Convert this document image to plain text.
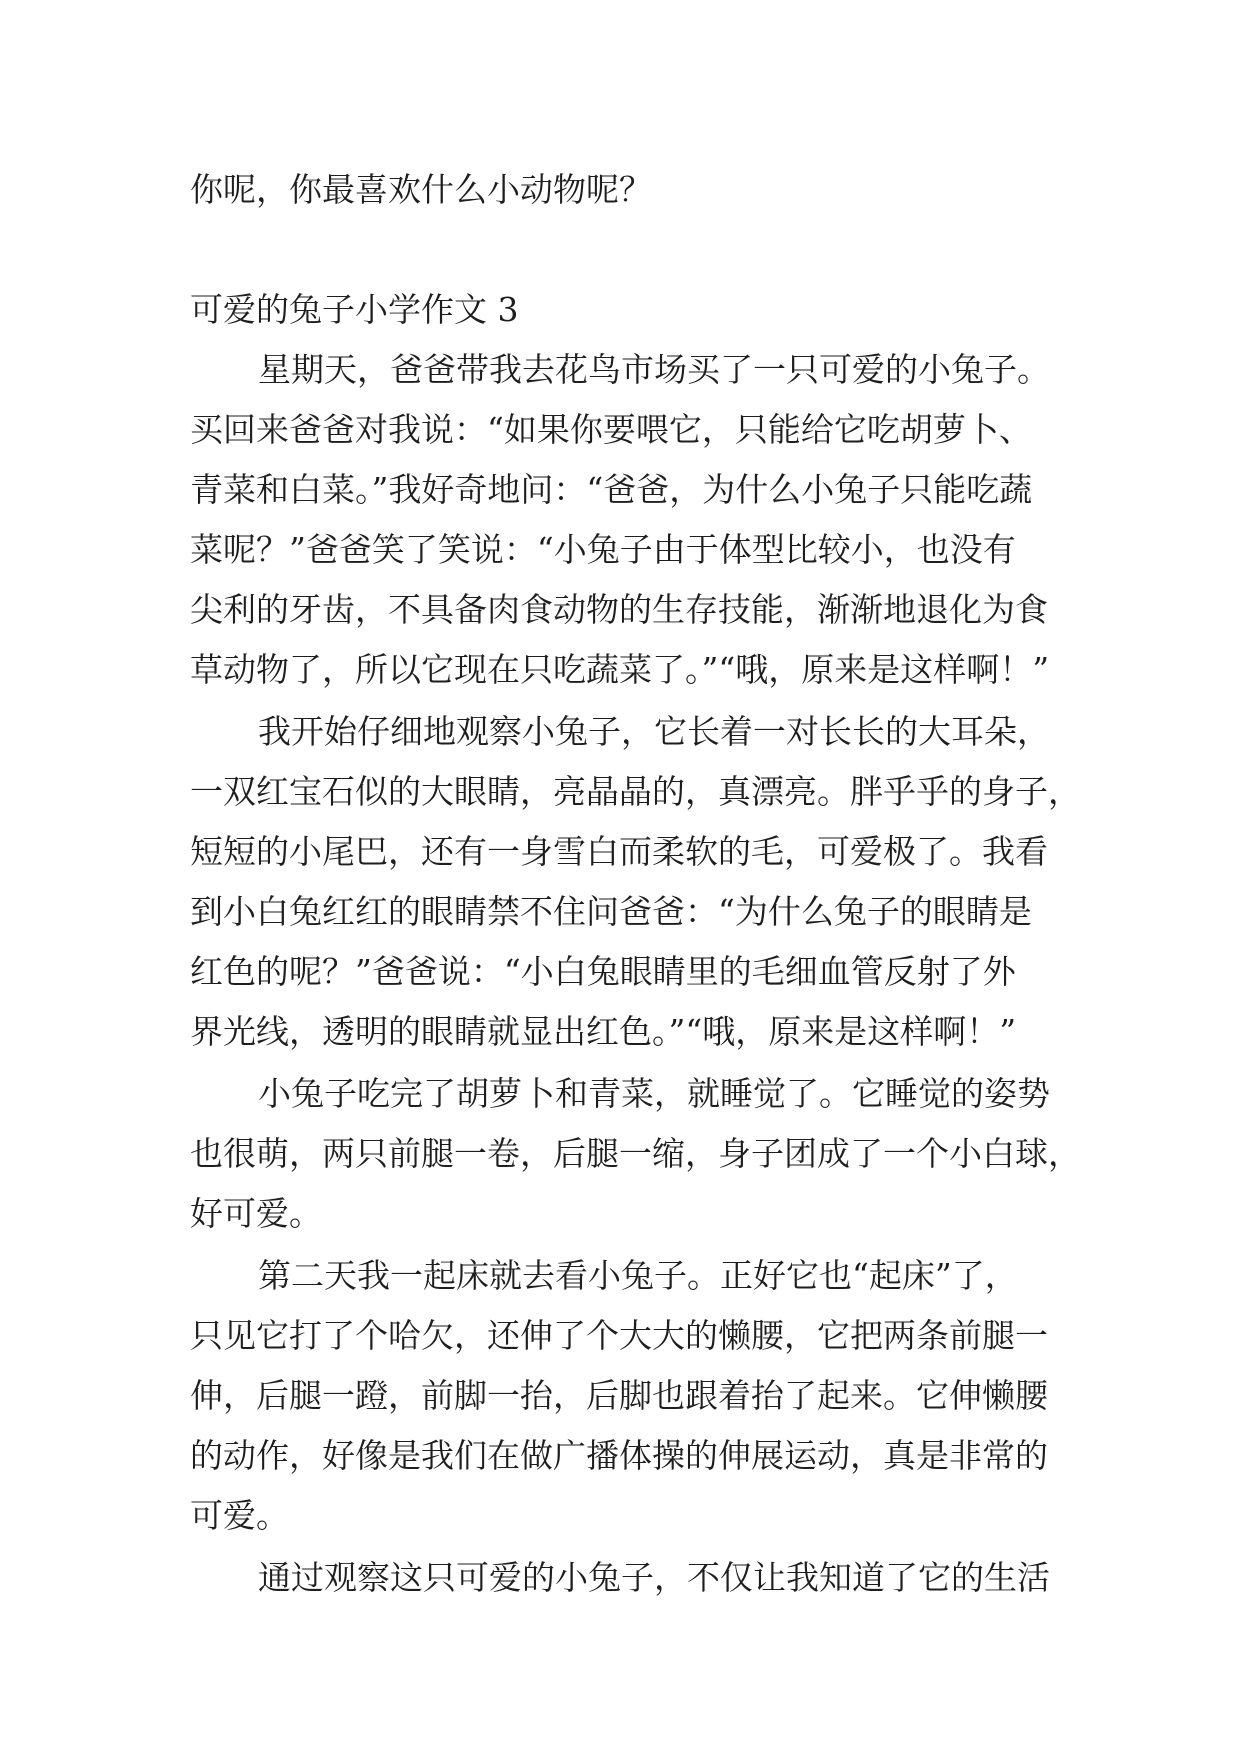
你呢，你最喜欢什么小动物呢？
可爱的兔子小学作文 3
星期天，爸爸带我去花鸟市场买了一只可爱的小兔子。
买回来爸爸对我说：“如果你要喂它，只能给它吃胡萝卜、
青菜和白菜。”我好奇地问：“爸爸，为什么小兔子只能吃蔬
菜呢？”爸爸笑了笑说：“小兔子由于体型比较小，也没有
尖利的牙齿，不具备肉食动物的生存技能，渐渐地退化为食
草动物了，所以它现在只吃蔬菜了。”“哦，原来是这样啊！”
我开始仔细地观察小兔子，它长着一对长长的大耳朵，
一双红宝石似的大眼睛，亮晶晶的，真漂亮。胖乎乎的身子，
短短的小尾巴，还有一身雪白而柔软的毛，可爱极了。我看
到小白兔红红的眼睛禁不住问爸爸：“为什么兔子的眼睛是
红色的呢？”爸爸说：“小白兔眼睛里的毛细血管反射了外
界光线，透明的眼睛就显出红色。”“哦，原来是这样啊！”
小兔子吃完了胡萝卜和青菜，就睡觉了。它睡觉的姿势
也很萌，两只前腿一卷，后腿一缩，身子团成了一个小白球，
好可爱。
第二天我一起床就去看小兔子。正好它也“起床”了，
只见它打了个哈欠，还伸了个大大的懒腰，它把两条前腿一
伸，后腿一蹬，前脚一抬，后脚也跟着抬了起来。它伸懒腰
的动作，好像是我们在做广播体操的伸展运动，真是非常的
可爱。
通过观察这只可爱的小兔子，不仅让我知道了它的生活
